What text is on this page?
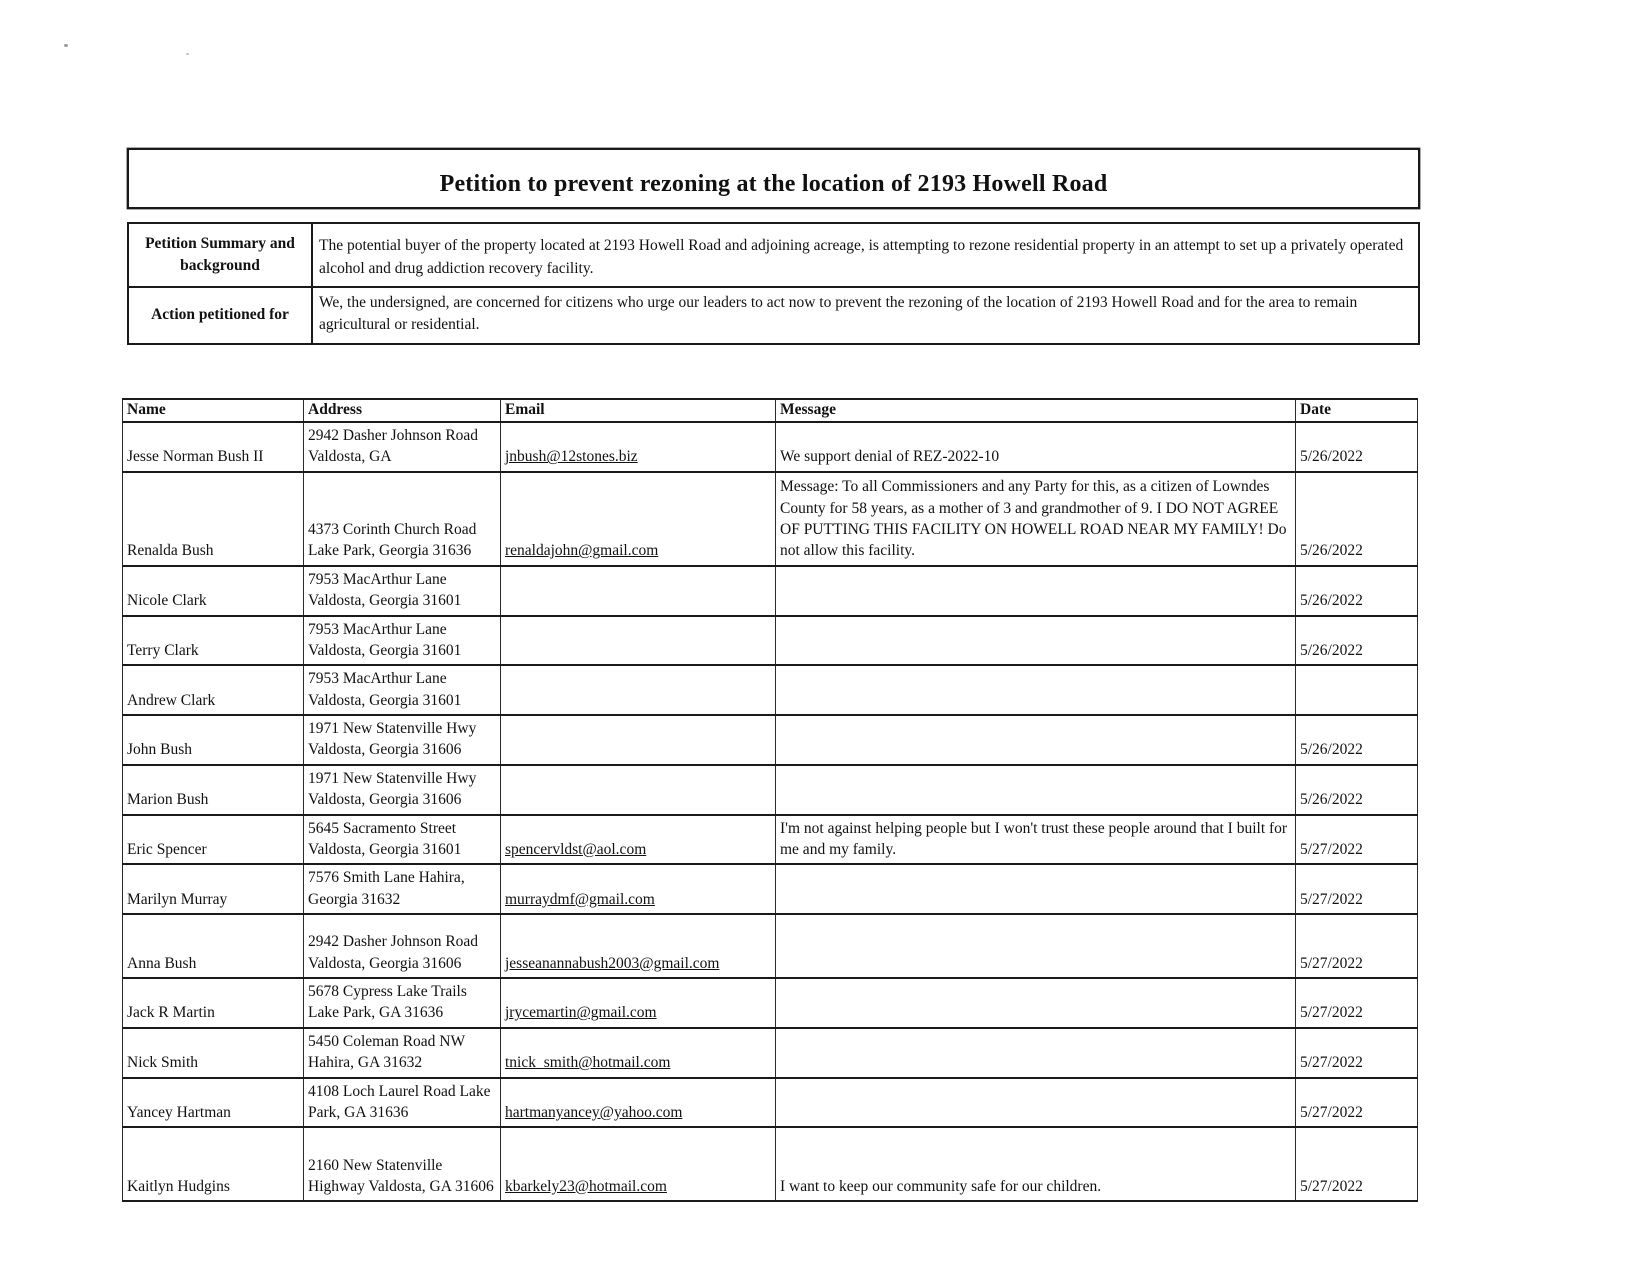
Petition to prevent rezoning at the location of 2193 Howell Road
Petition Summary and background	The potential buyer of the property located at 2193 Howell Road and adjoining acreage, is attempting to rezone residential property in an attempt to set up a privately operated alcohol and drug addiction recovery facility.
Action petitioned for	We, the undersigned, are concerned for citizens who urge our leaders to act now to prevent the rezoning of the location of 2193 Howell Road and for the area to remain agricultural or residential.
Name	Address	Email	Message	Date
Jesse Norman Bush II	2942 Dasher Johnson Road Valdosta, GA	jnbush@12stones.biz	We support denial of REZ-2022-10	5/26/2022
Renalda Bush	4373 Corinth Church Road Lake Park, Georgia 31636	renaldajohn@gmail.com	Message: To all Commissioners and any Party for this, as a citizen of Lowndes County for 58 years, as a mother of 3 and grandmother of 9. I DO NOT AGREE OF PUTTING THIS FACILITY ON HOWELL ROAD NEAR MY FAMILY! Do not allow this facility.	5/26/2022
Nicole Clark	7953 MacArthur Lane Valdosta, Georgia 31601			5/26/2022
Terry Clark	7953 MacArthur Lane Valdosta, Georgia 31601			5/26/2022
Andrew Clark	7953 MacArthur Lane Valdosta, Georgia 31601			
John Bush	1971 New Statenville Hwy Valdosta, Georgia 31606			5/26/2022
Marion Bush	1971 New Statenville Hwy Valdosta, Georgia 31606			5/26/2022
Eric Spencer	5645 Sacramento Street Valdosta, Georgia 31601	spencervldst@aol.com	I'm not against helping people but I won't trust these people around that I built for me and my family.	5/27/2022
Marilyn Murray	7576 Smith Lane Hahira, Georgia 31632	murraydmf@gmail.com		5/27/2022
Anna Bush	2942 Dasher Johnson Road Valdosta, Georgia 31606	jesseanannabush2003@gmail.com		5/27/2022
Jack R Martin	5678 Cypress Lake Trails Lake Park, GA 31636	jrycemartin@gmail.com		5/27/2022
Nick Smith	5450 Coleman Road NW Hahira, GA 31632	tnick_smith@hotmail.com		5/27/2022
Yancey Hartman	4108 Loch Laurel Road Lake Park, GA 31636	hartmanyancey@yahoo.com		5/27/2022
Kaitlyn Hudgins	2160 New Statenville Highway Valdosta, GA 31606	kbarkely23@hotmail.com	I want to keep our community safe for our children.	5/27/2022
